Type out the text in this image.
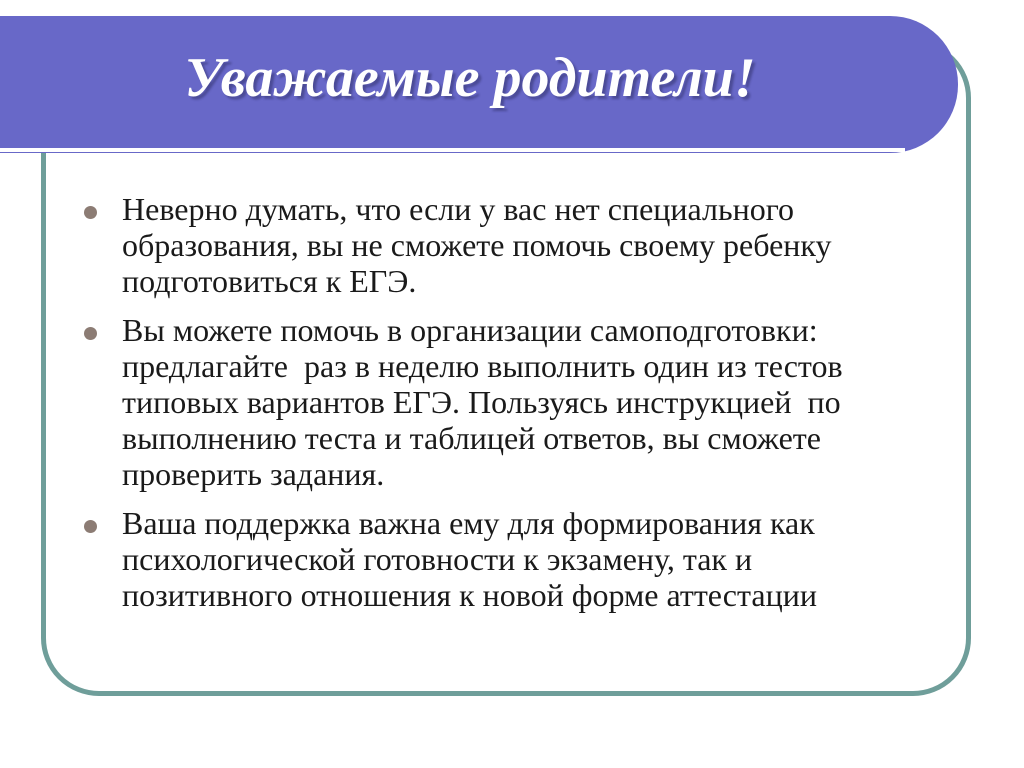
Уважаемые родители!
Неверно думать, что если у вас нет специального
образования, вы не сможете помочь своему ребенку
подготовиться к ЕГЭ.
Вы можете помочь в организации самоподготовки:
предлагайте  раз в неделю выполнить один из тестов
типовых вариантов ЕГЭ. Пользуясь инструкцией  по
выполнению теста и таблицей ответов, вы сможете
проверить задания.
Ваша поддержка важна ему для формирования как
психологической готовности к экзамену, так и
позитивного отношения к новой форме аттестации
